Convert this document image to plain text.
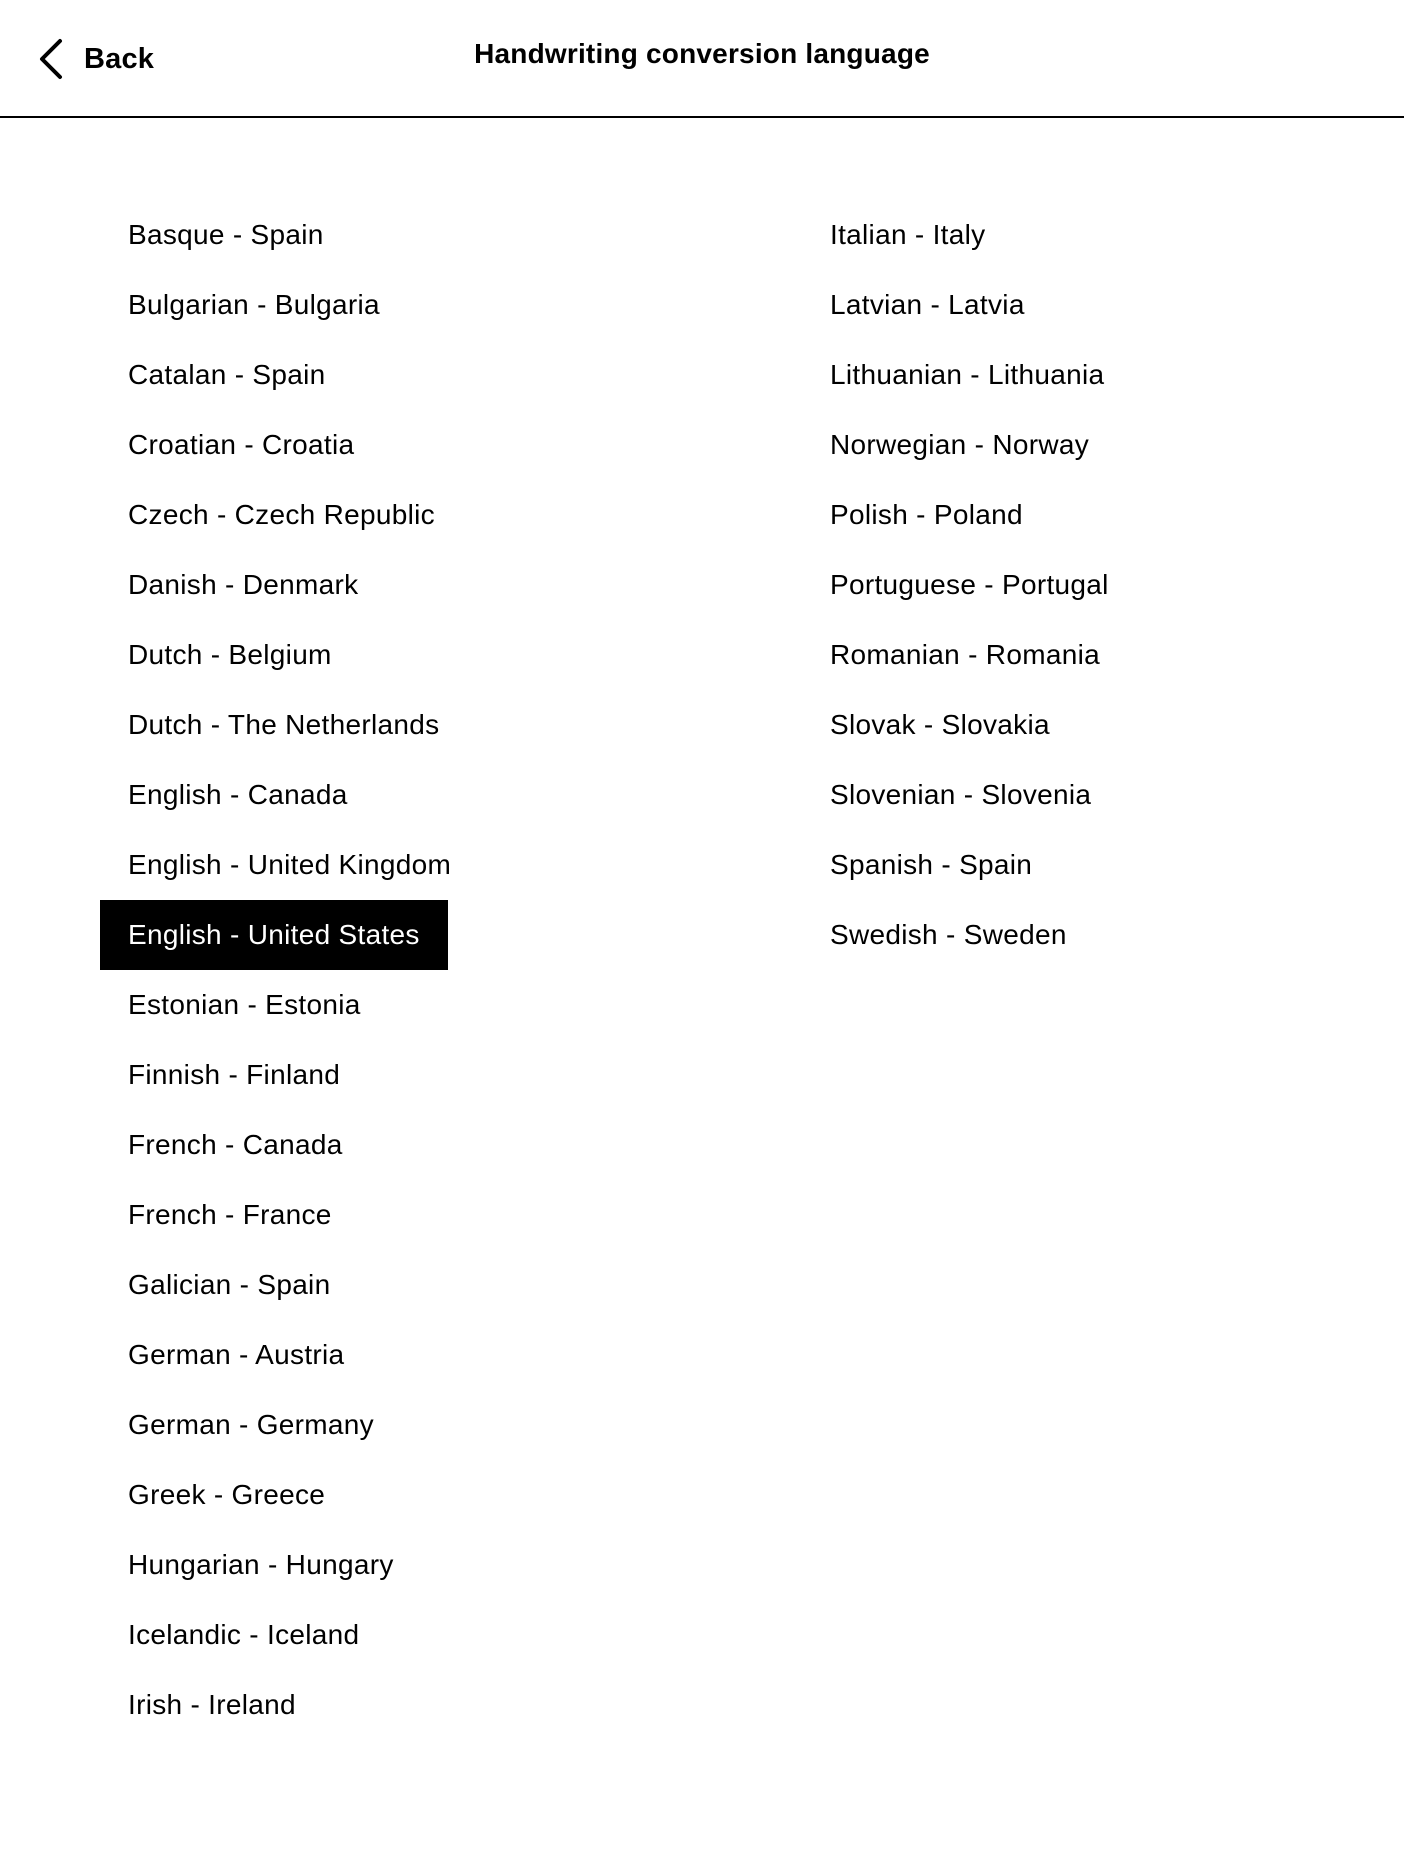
Back	Handwriting conversion language
Basque - Spain
Bulgarian - Bulgaria
Catalan - Spain
Croatian - Croatia
Czech - Czech Republic
Danish - Denmark
Dutch - Belgium
Dutch - The Netherlands
English - Canada
English - United Kingdom
English - United States
Estonian - Estonia
Finnish - Finland
French - Canada
French - France
Galician - Spain
German - Austria
German - Germany
Greek - Greece
Hungarian - Hungary
Icelandic - Iceland
Irish - Ireland
Italian - Italy
Latvian - Latvia
Lithuanian - Lithuania
Norwegian - Norway
Polish - Poland
Portuguese - Portugal
Romanian - Romania
Slovak - Slovakia
Slovenian - Slovenia
Spanish - Spain
Swedish - Sweden
